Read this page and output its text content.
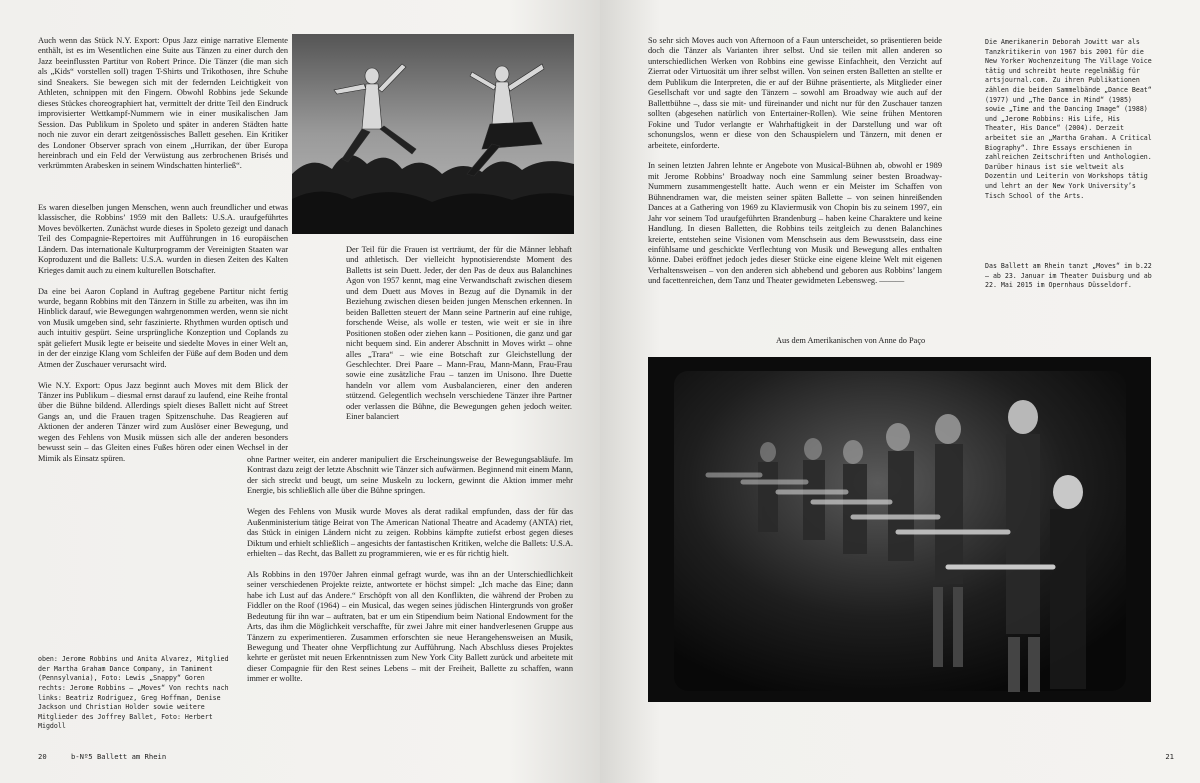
Auch wenn das Stück N.Y. Export: Opus Jazz einige narrative Elemente enthält, ist es im Wesentlichen eine Suite aus Tänzen zu einer durch den Jazz beeinflussten Partitur von Robert Prince. Die Tänzer (die man sich als „Kids“ vorstellen soll) tragen T-Shirts und Trikothosen, ihre Schuhe sind Sneakers. Sie bewegen sich mit der federnden Leichtigkeit von Athleten, schnippen mit den Fingern. Obwohl Robbins jede Sekunde dieses Stückes choreographiert hat, vermittelt der dritte Teil den Eindruck improvisierter Wettkampf-Nummern wie in einer musikalischen Jam Session. Das Publikum in Spoleto und später in anderen Städten hatte noch nie zuvor ein derart zeitgenössisches Ballett gesehen. Ein Kritiker des Londoner Observer sprach von einem „Hurrikan, der über Europa hereinbrach und ein Feld der Verwüstung aus zerbrochenen Brisés und verkrümmten Arabesken in seinem Windschatten hinterließ“.

Es waren dieselben jungen Menschen, wenn auch freundlicher und etwas klassischer, die Robbins’ 1959 mit den Ballets: U.S.A. uraufgeführtes Moves bevölkerten. Zunächst wurde dieses in Spoleto gezeigt und danach Teil des Compagnie-Repertoires mit Aufführungen in 16 europäischen Ländern. Das internationale Kulturprogramm der Vereinigten Staaten war Koproduzent und die Ballets: U.S.A. wurden in diesen Zeiten des Kalten Krieges damit auch zu einem kulturellen Botschafter.

Da eine bei Aaron Copland in Auftrag gegebene Partitur nicht fertig wurde, begann Robbins mit den Tänzern in Stille zu arbeiten, was ihn im Hinblick darauf, wie Bewegungen wahrgenommen werden, wenn sie nicht von Musik umgeben sind, sehr faszinierte. Rhythmen wurden optisch und auch intuitiv gespürt. Seine ursprüngliche Konzeption und Coplands zu spät geliefert Musik legte er beiseite und siedelte Moves in einer Welt an, in der der einzige Klang vom Schleifen der Füße auf dem Boden und dem Atmen der Zuschauer verursacht wird.

Wie N.Y. Export: Opus Jazz beginnt auch Moves mit dem Blick der Tänzer ins Publikum – diesmal ernst darauf zu laufend, eine Reihe frontal über die Bühne bildend. Allerdings spielt dieses Ballett nicht auf Street Gangs an, und die Frauen tragen Spitzenschuhe. Das Reagieren auf Aktionen der anderen Tänzer wird zum Auslöser einer Bewegung, und wegen des Fehlens von Musik müssen sich alle der anderen besonders bewusst sein – das Gleiten eines Fußes hören oder einen Wechsel in der Mimik als Einsatz spüren.

Der Teil für die Frauen ist verträumt, der für die Männer lebhaft und athletisch. Der vielleicht hypnotisierendste Moment des Balletts ist sein Duett. Jeder, der den Pas de deux aus Balanchines Agon von 1957 kennt, mag eine Verwandtschaft zwischen diesem und dem Duett aus Moves in Bezug auf die Dynamik in der Beziehung zwischen diesen beiden jungen Menschen erkennen. In beiden Balletten steuert der Mann seine Partnerin auf eine ruhige, forschende Weise, als wolle er testen, wie weit er sie in ihre Positionen stoßen oder ziehen kann – Positionen, die ganz und gar nicht bequem sind. Ein anderer Abschnitt in Moves wirkt – ohne alles „Trara“ – wie eine Botschaft zur Gleichstellung der Geschlechter. Drei Paare – Mann-Frau, Mann-Mann, Frau-Frau sowie eine zusätzliche Frau – tanzen im Unisono. Ihre Duette handeln vor allem vom Ausbalancieren, einer den anderen stützend. Gelegentlich wechseln verschiedene Tänzer ihre Partner oder verlassen die Bühne, die Bewegungen gehen jedoch weiter. Einer balanciert

ohne Partner weiter, ein anderer manipuliert die Erscheinungsweise der Bewegungsabläufe. Im Kontrast dazu zeigt der letzte Abschnitt wie Tänzer sich aufwärmen. Beginnend mit einem Mann, der sich streckt und beugt, um seine Muskeln zu lockern, gewinnt die Aktion immer mehr Energie, bis schließlich alle über die Bühne springen.

Wegen des Fehlens von Musik wurde Moves als derat radikal empfunden, dass der für das Außenministerium tätige Beirat von The American National Theatre and Academy (ANTA) riet, das Stück in einigen Ländern nicht zu zeigen. Robbins kämpfte zutiefst erbost gegen dieses Diktum und erhielt schließlich – angesichts der fantastischen Kritiken, welche die Ballets: U.S.A. erhielten – das Recht, das Ballett zu programmieren, wie er es für richtig hielt.

Als Robbins in den 1970er Jahren einmal gefragt wurde, was ihn an der Unterschiedlichkeit seiner verschiedenen Projekte reizte, antwortete er höchst simpel: „Ich mache das Eine; dann habe ich Lust auf das Andere.“ Erschöpft von all den Konflikten, die während der Proben zu Fiddler on the Roof (1964) – ein Musical, das wegen seines jüdischen Hintergrunds von großer Bedeutung für ihn war – auftraten, bat er um ein Stipendium beim National Endowment for the Arts, das ihm die Möglichkeit verschaffte, für zwei Jahre mit einer handverlesenen Gruppe aus Tänzern zu experimentieren. Zusammen erforschten sie neue Herangehensweisen an Musik, Bewegung und Theater ohne Verpflichtung zur Aufführung. Nach Abschluss dieses Projektes kehrte er gerüstet mit neuen Erkenntnissen zum New York City Ballett zurück und arbeitete mit dieser Compagnie für den Rest seines Lebens – mit der Freiheit, Ballette zu schaffen, wann immer er wollte.

oben: Jerome Robbins und Anita Alvarez, Mitglied der Martha Graham Dance Company, in Tamiment (Pennsylvania), Foto: Lewis „Snappy“ Goren
rechts: Jerome Robbins – „Moves“ Von rechts nach links: Beatriz Rodriguez, Greg Hoffman, Denise Jackson und Christian Holder sowie weitere Mitglieder des Joffrey Ballet, Foto: Herbert Migdoll
20	b-Nº5 Ballett am Rhein

So sehr sich Moves auch von Afternoon of a Faun unterscheidet, so präsentieren beide doch die Tänzer als Varianten ihrer selbst. Und sie teilen mit allen anderen so unterschiedlichen Werken von Robbins eine gewisse Einfachheit, den Verzicht auf Zierrat oder Virtuosität um ihrer selbst willen. Von seinen ersten Balletten an stellte er dem Publikum die Interpreten, die er auf der Bühne präsentierte, als Mitglieder einer Gesellschaft vor und sagte den Tänzern – sowohl am Broadway wie auch auf der Ballettbühne –, dass sie mit- und füreinander und nicht nur für den Zuschauer tanzen sollten (abgesehen natürlich von Entertainer-Rollen). Wie seine frühen Mentoren Fokine und Tudor verlangte er Wahrhaftigkeit in der Darstellung und war oft schonungslos, wenn er diese von den Schauspielern und Tänzern, mit denen er arbeitete, einforderte.

In seinen letzten Jahren lehnte er Angebote von Musical-Bühnen ab, obwohl er 1989 mit Jerome Robbins’ Broadway noch eine Sammlung seiner besten Broadway-Nummern zusammengestellt hatte. Auch wenn er ein Meister im Schaffen von Bühnendramen war, die meisten seiner späten Ballette – von seinen hinreißenden Dances at a Gathering von 1969 zu Klaviermusik von Chopin bis zu seinem 1997, ein Jahr vor seinem Tod uraufgeführten Brandenburg – haben keine Charaktere und keine Handlung. In diesen Balletten, die Robbins teils zeitgleich zu denen Balanchines kreierte, entstehen seine Visionen vom Menschsein aus dem Bewusstsein, dass eine einfühlsame und geschickte Verflechtung von Musik und Bewegung alles enthalten könne. Dabei eröffnet jedoch jedes dieser Stücke eine eigene kleine Welt mit eigenen Verhaltensweisen – von den anderen sich abhebend und geboren aus Robbins’ langem und facettenreichen, dem Tanz und Theater gewidmeten Lebensweg. ———

Aus dem Amerikanischen von Anne do Paço
Die Amerikanerin Deborah Jowitt war als Tanzkritikerin von 1967 bis 2001 für die New Yorker Wochenzeitung The Village Voice tätig und schreibt heute regelmäßig für artsjournal.com. Zu ihren Publikationen zählen die beiden Sammelbände „Dance Beat“ (1977) und „The Dance in Mind“ (1985) sowie „Time and the Dancing Image“ (1988) und „Jerome Robbins: His Life, His Theater, His Dance“ (2004). Derzeit arbeitet sie an „Martha Graham. A Critical Biography“. Ihre Essays erschienen in zahlreichen Zeitschriften und Anthologien. Darüber hinaus ist sie weltweit als Dozentin und Leiterin von Workshops tätig und lehrt an der New York University’s Tisch School of the Arts.
Das Ballett am Rhein tanzt „Moves“ im b.22 – ab 23. Januar im Theater Duisburg und ab 22. Mai 2015 im Opernhaus Düsseldorf.
21
